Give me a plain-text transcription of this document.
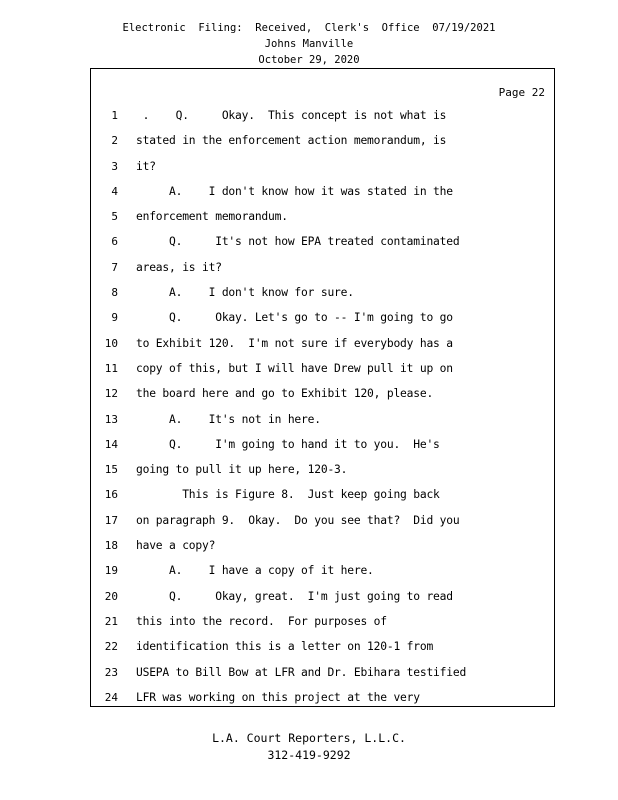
Electronic  Filing:  Received,  Clerk's  Office  07/19/2021
Johns Manville
October 29, 2020
Page 22
1	.    Q.     Okay.  This concept is not what is
2	stated in the enforcement action memorandum, is
3	it?
4	A.    I don't know how it was stated in the
5	enforcement memorandum.
6	Q.     It's not how EPA treated contaminated
7	areas, is it?
8	A.    I don't know for sure.
9	Q.     Okay. Let's go to -- I'm going to go
10	to Exhibit 120.  I'm not sure if everybody has a
11	copy of this, but I will have Drew pull it up on
12	the board here and go to Exhibit 120, please.
13	A.    It's not in here.
14	Q.     I'm going to hand it to you.  He's
15	going to pull it up here, 120-3.
16	This is Figure 8.  Just keep going back
17	on paragraph 9.  Okay.  Do you see that?  Did you
18	have a copy?
19	A.    I have a copy of it here.
20	Q.     Okay, great.  I'm just going to read
21	this into the record.  For purposes of
22	identification this is a letter on 120-1 from
23	USEPA to Bill Bow at LFR and Dr. Ebihara testified
24	LFR was working on this project at the very
L.A. Court Reporters, L.L.C.
312-419-9292
